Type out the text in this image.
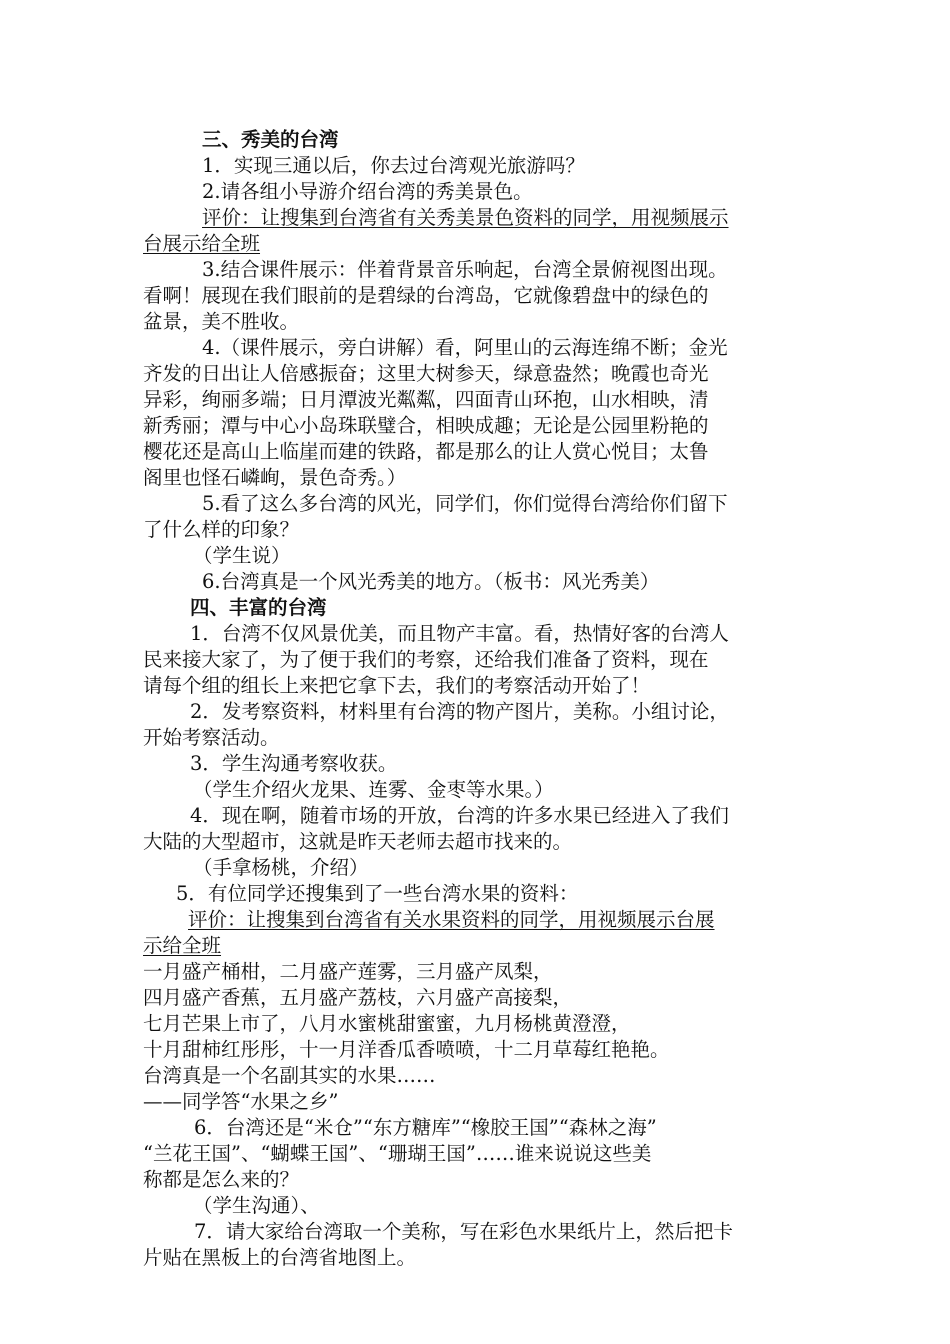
三、秀美的台湾
1．实现三通以后，你去过台湾观光旅游吗？
2.请各组小导游介绍台湾的秀美景色。
评价：让搜集到台湾省有关秀美景色资料的同学，用视频展示
台展示给全班
3.结合课件展示：伴着背景音乐响起，台湾全景俯视图出现。
看啊！展现在我们眼前的是碧绿的台湾岛，它就像碧盘中的绿色的
盆景，美不胜收。
4.（课件展示，旁白讲解）看，阿里山的云海连绵不断；金光
齐发的日出让人倍感振奋；这里大树参天，绿意盎然；晚霞也奇光
异彩，绚丽多端；日月潭波光粼粼，四面青山环抱，山水相映，清
新秀丽；潭与中心小岛珠联璧合，相映成趣；无论是公园里粉艳的
樱花还是高山上临崖而建的铁路，都是那么的让人赏心悦目；太鲁
阁里也怪石嶙峋，景色奇秀。）
5.看了这么多台湾的风光，同学们，你们觉得台湾给你们留下
了什么样的印象？
（学生说）
6.台湾真是一个风光秀美的地方。（板书：风光秀美）
四、丰富的台湾
1．台湾不仅风景优美，而且物产丰富。看，热情好客的台湾人
民来接大家了，为了便于我们的考察，还给我们准备了资料，现在
请每个组的组长上来把它拿下去，我们的考察活动开始了！
2．发考察资料，材料里有台湾的物产图片，美称。小组讨论，
开始考察活动。
3．学生沟通考察收获。
（学生介绍火龙果、连雾、金枣等水果。）
4．现在啊，随着市场的开放，台湾的许多水果已经进入了我们
大陆的大型超市，这就是昨天老师去超市找来的。
（手拿杨桃，介绍）
5．有位同学还搜集到了一些台湾水果的资料：
评价：让搜集到台湾省有关水果资料的同学，用视频展示台展
示给全班
一月盛产桶柑，二月盛产莲雾，三月盛产凤梨，
四月盛产香蕉，五月盛产荔枝，六月盛产高接梨，
七月芒果上市了，八月水蜜桃甜蜜蜜，九月杨桃黄澄澄，
十月甜柿红彤彤，十一月洋香瓜香喷喷，十二月草莓红艳艳。
台湾真是一个名副其实的水果……
——同学答“水果之乡”
6．台湾还是“米仓”“东方糖库”“橡胶王国”“森林之海”
“兰花王国”、“蝴蝶王国”、“珊瑚王国”……谁来说说这些美
称都是怎么来的？
（学生沟通）、
7．请大家给台湾取一个美称，写在彩色水果纸片上，然后把卡
片贴在黑板上的台湾省地图上。
